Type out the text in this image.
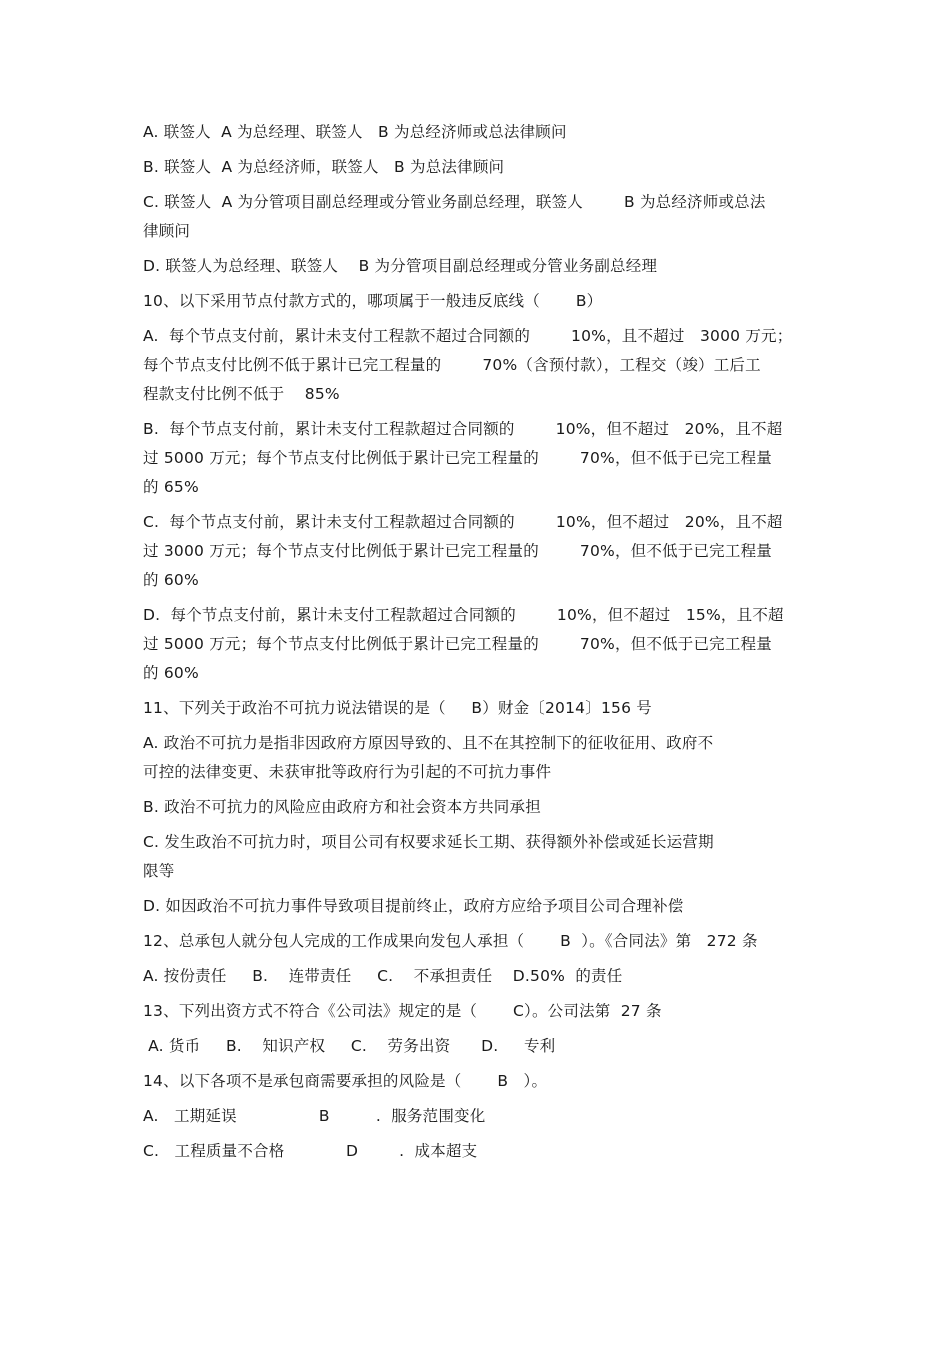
A. 联签人  A 为总经理、联签人   B 为总经济师或总法律顾问
B. 联签人  A 为总经济师，联签人   B 为总法律顾问
C. 联签人  A 为分管项目副总经理或分管业务副总经理，联签人        B 为总经济师或总法
律顾问
D. 联签人为总经理、联签人    B 为分管项目副总经理或分管业务副总经理
10、以下采用节点付款方式的，哪项属于一般违反底线（       B）
A.  每个节点支付前，累计未支付工程款不超过合同额的        10%，且不超过   3000 万元；
每个节点支付比例不低于累计已完工程量的        70%（含预付款），工程交（竣）工后工
程款支付比例不低于    85%
B.  每个节点支付前，累计未支付工程款超过合同额的        10%，但不超过   20%，且不超
过 5000 万元；每个节点支付比例低于累计已完工程量的        70%，但不低于已完工程量
的 65%
C.  每个节点支付前，累计未支付工程款超过合同额的        10%，但不超过   20%，且不超
过 3000 万元；每个节点支付比例低于累计已完工程量的        70%，但不低于已完工程量
的 60%
D.  每个节点支付前，累计未支付工程款超过合同额的        10%，但不超过   15%，且不超
过 5000 万元；每个节点支付比例低于累计已完工程量的        70%，但不低于已完工程量
的 60%
11、下列关于政治不可抗力说法错误的是（     B）财金〔2014〕156 号
A. 政治不可抗力是指非因政府方原因导致的、且不在其控制下的征收征用、政府不
可控的法律变更、未获审批等政府行为引起的不可抗力事件
B. 政治不可抗力的风险应由政府方和社会资本方共同承担
C. 发生政治不可抗力时，项目公司有权要求延长工期、获得额外补偿或延长运营期
限等
D. 如因政治不可抗力事件导致项目提前终止，政府方应给予项目公司合理补偿
12、总承包人就分包人完成的工作成果向发包人承担（       B  ）。《合同法》第   272 条
A. 按份责任     B.    连带责任     C.    不承担责任    D.50%  的责任
13、下列出资方式不符合《公司法》规定的是（       C）。公司法第  27 条
A. 货币     B.    知识产权     C.    劳务出资      D.     专利
14、以下各项不是承包商需要承担的风险是（       B   ）。
A.   工期延误                B         .  服务范围变化
C.   工程质量不合格            D        .  成本超支
